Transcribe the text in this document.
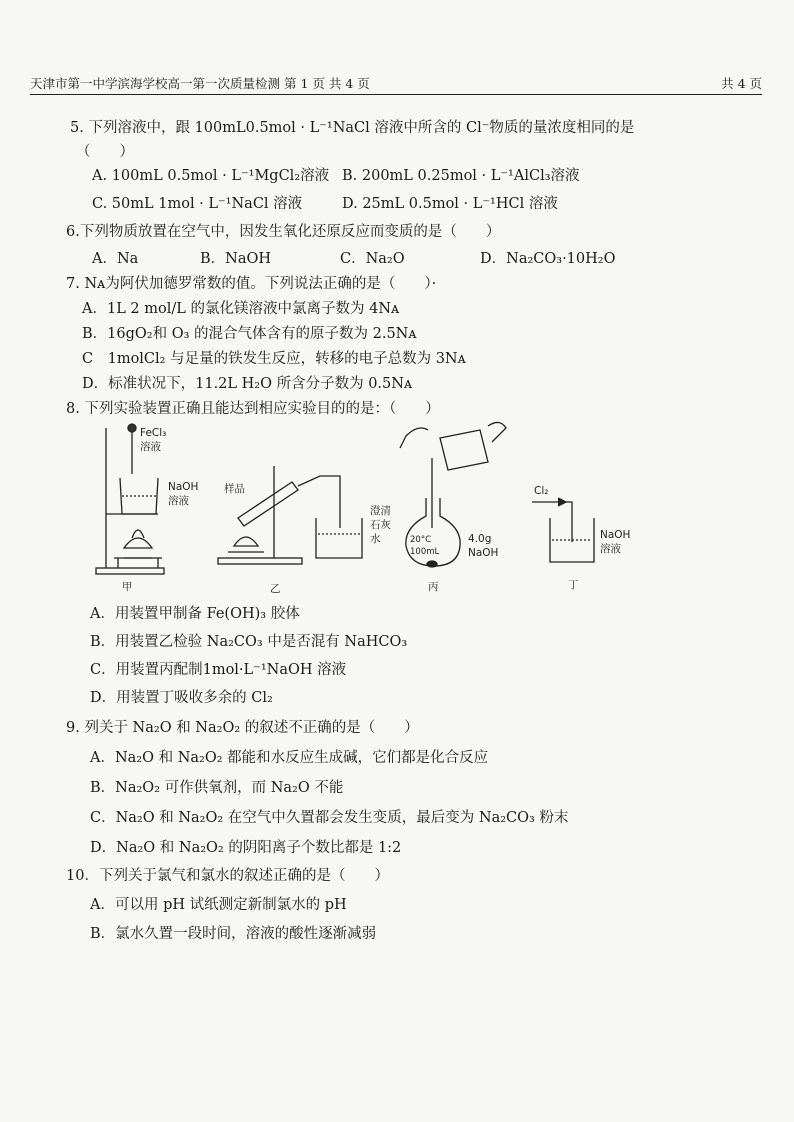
天津市第一中学滨海学校高一第一次质量检测 第 1 页 共 4 页	共 4 页
5. 下列溶液中，跟 100mL0.5mol · L⁻¹NaCl 溶液中所含的 Cl⁻物质的量浓度相同的是
（　　）
A. 100mL 0.5mol · L⁻¹MgCl₂溶液 B. 200mL 0.25mol · L⁻¹AlCl₃溶液
C. 50mL 1mol · L⁻¹NaCl 溶液	D. 25mL 0.5mol · L⁻¹HCl 溶液
6.下列物质放置在空气中，因发生氧化还原反应而变质的是（　　）
A．Na	B．NaOH	C．Na₂O	D．Na₂CO₃·10H₂O
7. Nᴀ为阿伏加德罗常数的值。下列说法正确的是（　　）·
A．1L 2 mol/L 的氯化镁溶液中氯离子数为 4Nᴀ
B．16gO₂和 O₃ 的混合气体含有的原子数为 2.5Nᴀ
C　1molCl₂ 与足量的铁发生反应，转移的电子总数为 3Nᴀ
D．标准状况下，11.2L H₂O 所含分子数为 0.5Nᴀ
8. 下列实验装置正确且能达到相应实验目的的是：（　　）
FeCl₃
溶液
NaOH
溶液
甲
样品
澄清
石灰
水
乙
20°C
100mL
4.0g
NaOH
丙
Cl₂
NaOH
溶液
丁
A．用装置甲制备 Fe(OH)₃ 胶体
B．用装置乙检验 Na₂CO₃ 中是否混有 NaHCO₃
C．用装置丙配制1mol·L⁻¹NaOH 溶液
D．用装置丁吸收多余的 Cl₂
9. 列关于 Na₂O 和 Na₂O₂ 的叙述不正确的是（　　）
A．Na₂O 和 Na₂O₂ 都能和水反应生成碱，它们都是化合反应
B．Na₂O₂ 可作供氧剂，而 Na₂O 不能
C．Na₂O 和 Na₂O₂ 在空气中久置都会发生变质，最后变为 Na₂CO₃ 粉末
D．Na₂O 和 Na₂O₂ 的阴阳离子个数比都是 1:2
10．下列关于氯气和氯水的叙述正确的是（　　）
A．可以用 pH 试纸测定新制氯水的 pH
B．氯水久置一段时间，溶液的酸性逐渐减弱
